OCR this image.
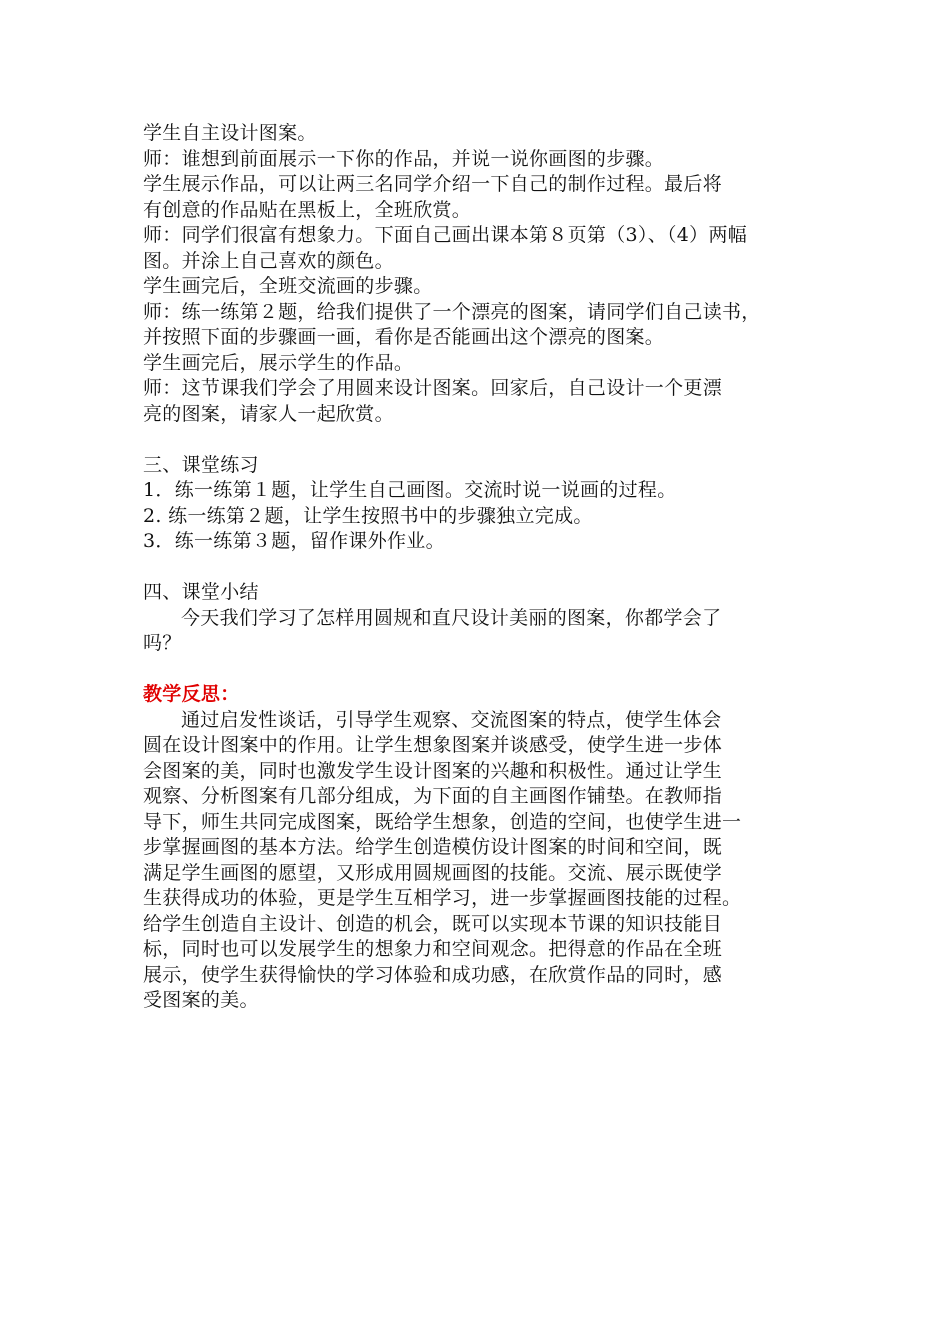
学生自主设计图案。
师：谁想到前面展示一下你的作品，并说一说你画图的步骤。
学生展示作品，可以让两三名同学介绍一下自己的制作过程。最后将
有创意的作品贴在黑板上，全班欣赏。
师：同学们很富有想象力。下面自己画出课本第８页第（3）、（4）两幅
图。并涂上自己喜欢的颜色。
学生画完后，全班交流画的步骤。
师：练一练第２题，给我们提供了一个漂亮的图案，请同学们自己读书，
并按照下面的步骤画一画，看你是否能画出这个漂亮的图案。
学生画完后，展示学生的作品。
师：这节课我们学会了用圆来设计图案。回家后，自己设计一个更漂
亮的图案，请家人一起欣赏。
三、课堂练习
1．练一练第１题，让学生自己画图。交流时说一说画的过程。
2. 练一练第２题，让学生按照书中的步骤独立完成。
3．练一练第３题，留作课外作业。
四、课堂小结
今天我们学习了怎样用圆规和直尺设计美丽的图案，你都学会了
吗？
教学反思：
通过启发性谈话，引导学生观察、交流图案的特点，使学生体会
圆在设计图案中的作用。让学生想象图案并谈感受，使学生进一步体
会图案的美，同时也激发学生设计图案的兴趣和积极性。通过让学生
观察、分析图案有几部分组成，为下面的自主画图作铺垫。在教师指
导下，师生共同完成图案，既给学生想象，创造的空间，也使学生进一
步掌握画图的基本方法。给学生创造模仿设计图案的时间和空间，既
满足学生画图的愿望，又形成用圆规画图的技能。交流、展示既使学
生获得成功的体验，更是学生互相学习，进一步掌握画图技能的过程。
给学生创造自主设计、创造的机会，既可以实现本节课的知识技能目
标，同时也可以发展学生的想象力和空间观念。把得意的作品在全班
展示，使学生获得愉快的学习体验和成功感，在欣赏作品的同时，感
受图案的美。
